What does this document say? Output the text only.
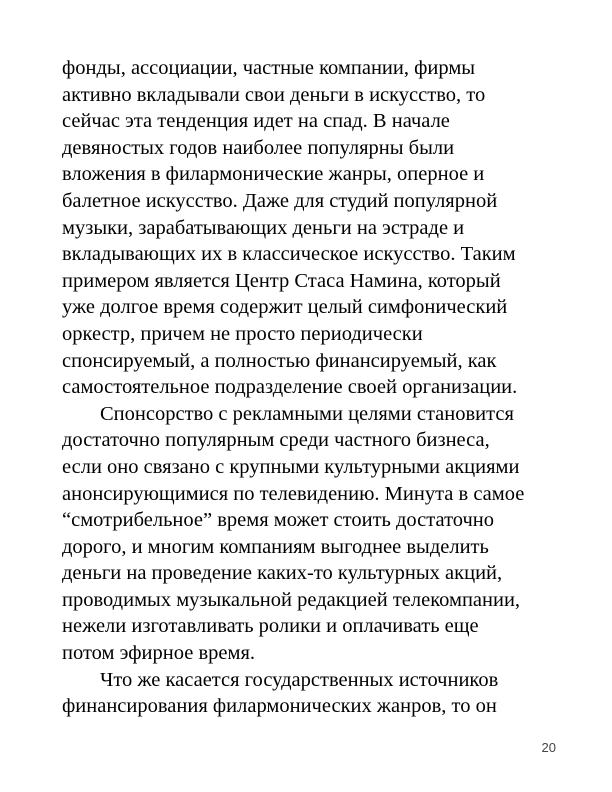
фонды, ассоциации, частные компании, фирмы
активно вкладывали свои деньги в искусство, то
сейчас эта тенденция идет на спад. В начале
девяностых годов наиболее популярны были
вложения в филармонические жанры, оперное и
балетное искусство. Даже для студий популярной
музыки, зарабатывающих деньги на эстраде и
вкладывающих их в классическое искусство. Таким
примером является Центр Стаса Намина, который
уже долгое время содержит целый симфонический
оркестр, причем не просто периодически
спонсируемый, а полностью финансируемый, как
самостоятельное подразделение своей организации.
Спонсорство с рекламными целями становится
достаточно популярным среди частного бизнеса,
если оно связано с крупными культурными акциями
анонсирующимися по телевидению. Минута в самое
“смотрибельное” время может стоить достаточно
дорого, и многим компаниям выгоднее выделить
деньги на проведение каких-то культурных акций,
проводимых музыкальной редакцией телекомпании,
нежели изготавливать ролики и оплачивать еще
потом эфирное время.
Что же касается государственных источников
финансирования филармонических жанров, то он
20
